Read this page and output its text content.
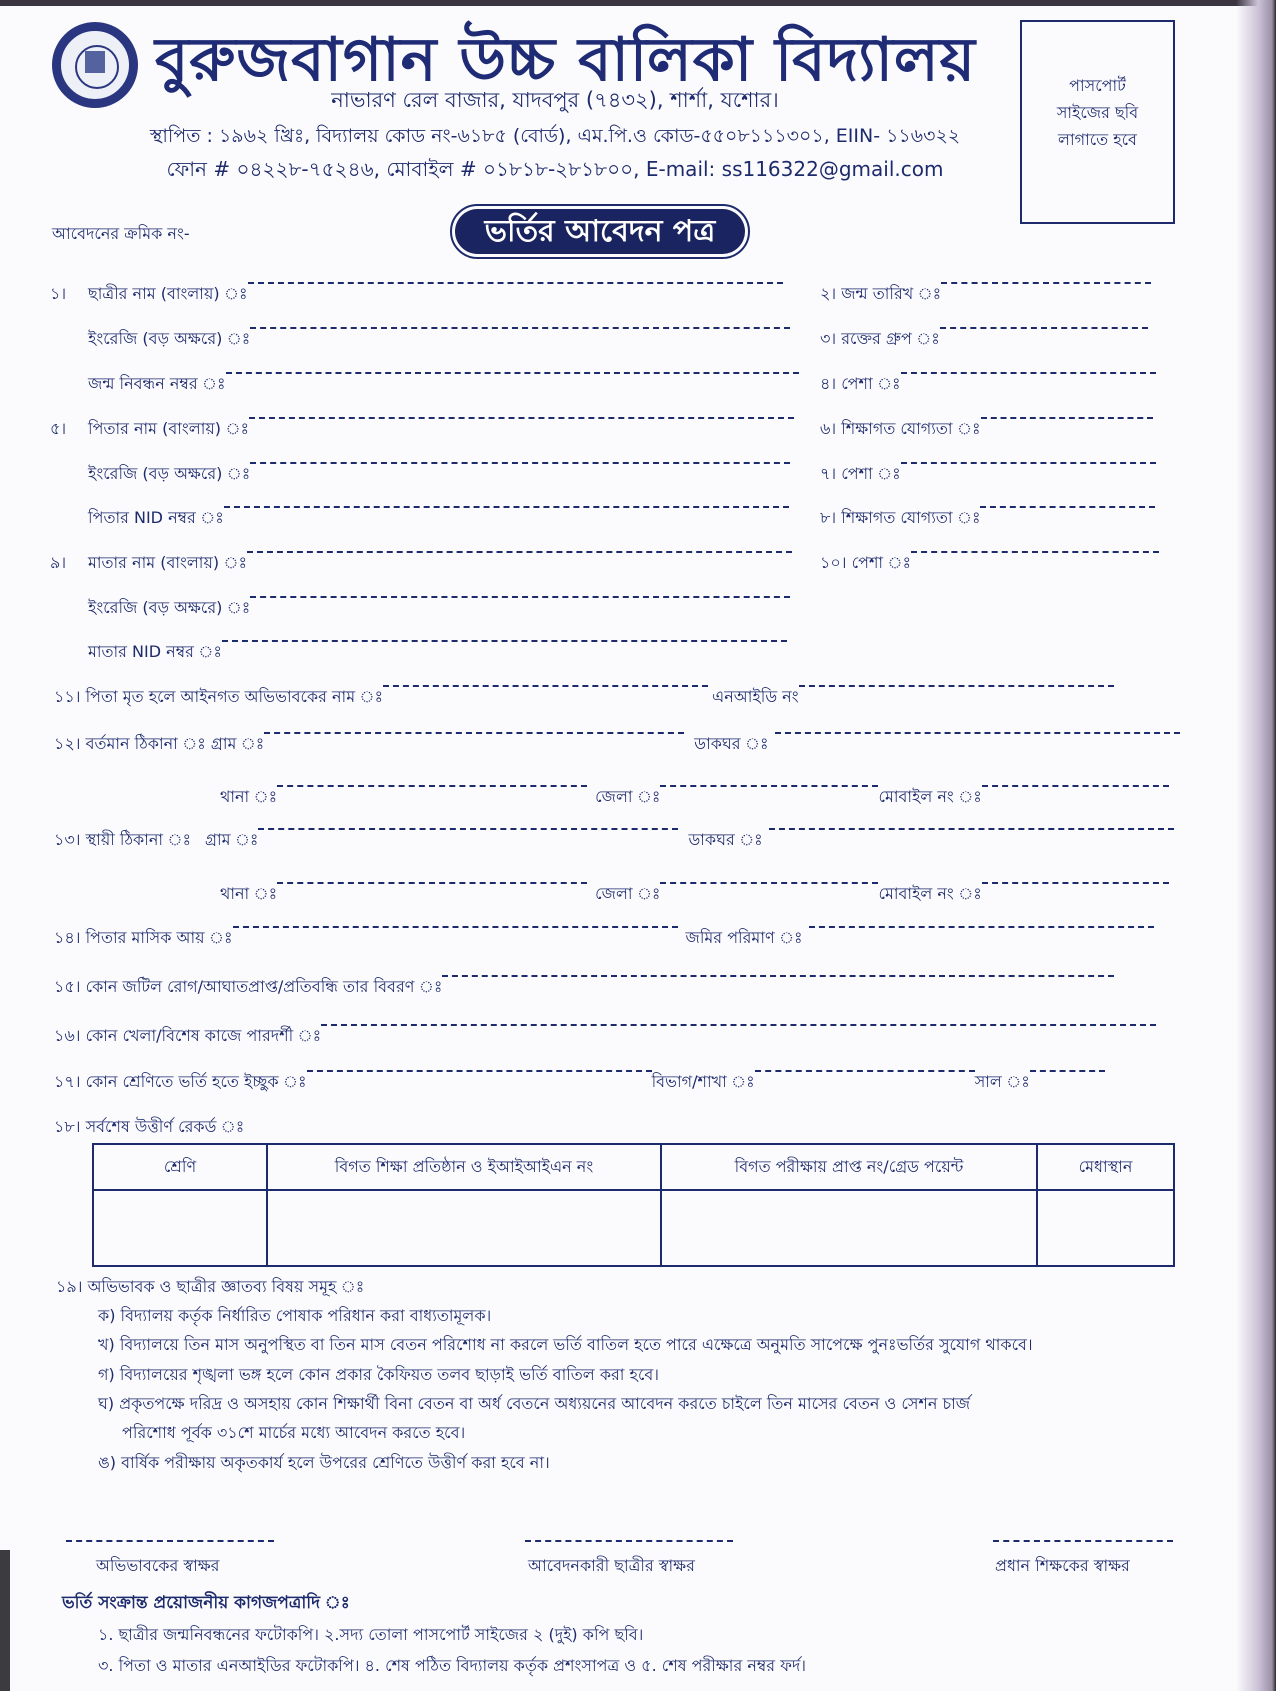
বুরুজবাগান উচ্চ বালিকা বিদ্যালয়
নাভারণ রেল বাজার, যাদবপুর (৭৪৩২), শার্শা, যশোর।
স্থাপিত : ১৯৬২ খ্রিঃ, বিদ্যালয় কোড নং-৬১৮৫ (বোর্ড), এম.পি.ও কোড-৫৫০৮১১১৩০১, EIIN- ১১৬৩২২
ফোন # ০৪২২৮-৭৫২৪৬, মোবাইল # ০১৮১৮-২৮১৮০০, E-mail: ss116322@gmail.com
পাসপোর্ট
সাইজের ছবি
লাগাতে হবে
আবেদনের ক্রমিক নং-	ভর্তির আবেদন পত্র
১।	ছাত্রীর নাম (বাংলায়) ঃ	২। জন্ম তারিখ ঃ
ইংরেজি (বড় অক্ষরে) ঃ	৩। রক্তের গ্রুপ ঃ
জন্ম নিবন্ধন নম্বর ঃ	৪। পেশা ঃ
৫।	পিতার নাম (বাংলায়) ঃ	৬। শিক্ষাগত যোগ্যতা ঃ
ইংরেজি (বড় অক্ষরে) ঃ	৭। পেশা ঃ
পিতার NID নম্বর ঃ	৮। শিক্ষাগত যোগ্যতা ঃ
৯।	মাতার নাম (বাংলায়) ঃ	১০। পেশা ঃ
ইংরেজি (বড় অক্ষরে) ঃ
মাতার NID নম্বর ঃ
১১। পিতা মৃত হলে আইনগত অভিভাবকের নাম ঃ	এনআইডি নং
১২। বর্তমান ঠিকানা ঃ গ্রাম ঃ	ডাকঘর ঃ
থানা ঃ	জেলা ঃ	মোবাইল নং ঃ
১৩। স্থায়ী ঠিকানা ঃ গ্রাম ঃ	ডাকঘর ঃ
থানা ঃ	জেলা ঃ	মোবাইল নং ঃ
১৪। পিতার মাসিক আয় ঃ	জমির পরিমাণ ঃ
১৫। কোন জটিল রোগ/আঘাতপ্রাপ্ত/প্রতিবন্ধি তার বিবরণ ঃ
১৬। কোন খেলা/বিশেষ কাজে পারদর্শী ঃ
১৭। কোন শ্রেণিতে ভর্তি হতে ইচ্ছুক ঃ	বিভাগ/শাখা ঃ	সাল ঃ
১৮। সর্বশেষ উত্তীর্ণ রেকর্ড ঃ
শ্রেণি	বিগত শিক্ষা প্রতিষ্ঠান ও ইআইআইএন নং	বিগত পরীক্ষায় প্রাপ্ত নং/গ্রেড পয়েন্ট	মেধাস্থান

১৯। অভিভাবক ও ছাত্রীর জ্ঞাতব্য বিষয় সমূহ ঃ
ক) বিদ্যালয় কর্তৃক নির্ধারিত পোষাক পরিধান করা বাধ্যতামূলক।
খ) বিদ্যালয়ে তিন মাস অনুপস্থিত বা তিন মাস বেতন পরিশোধ না করলে ভর্তি বাতিল হতে পারে এক্ষেত্রে অনুমতি সাপেক্ষে পুনঃভর্তির সুযোগ থাকবে।
গ) বিদ্যালয়ের শৃঙ্খলা ভঙ্গ হলে কোন প্রকার কৈফিয়ত তলব ছাড়াই ভর্তি বাতিল করা হবে।
ঘ) প্রকৃতপক্ষে দরিদ্র ও অসহায় কোন শিক্ষার্থী বিনা বেতন বা অর্ধ বেতনে অধ্যয়নের আবেদন করতে চাইলে তিন মাসের বেতন ও সেশন চার্জ
পরিশোধ পূর্বক ৩১শে মার্চের মধ্যে আবেদন করতে হবে।
ঙ) বার্ষিক পরীক্ষায় অকৃতকার্য হলে উপরের শ্রেণিতে উত্তীর্ণ করা হবে না।
অভিভাবকের স্বাক্ষর	আবেদনকারী ছাত্রীর স্বাক্ষর	প্রধান শিক্ষকের স্বাক্ষর
ভর্তি সংক্রান্ত প্রয়োজনীয় কাগজপত্রাদি ঃ
১. ছাত্রীর জন্মনিবন্ধনের ফটোকপি। ২.সদ্য তোলা পাসপোর্ট সাইজের ২ (দুই) কপি ছবি।
৩. পিতা ও মাতার এনআইডির ফটোকপি। ৪. শেষ পঠিত বিদ্যালয় কর্তৃক প্রশংসাপত্র ও ৫. শেষ পরীক্ষার নম্বর ফর্দ।
